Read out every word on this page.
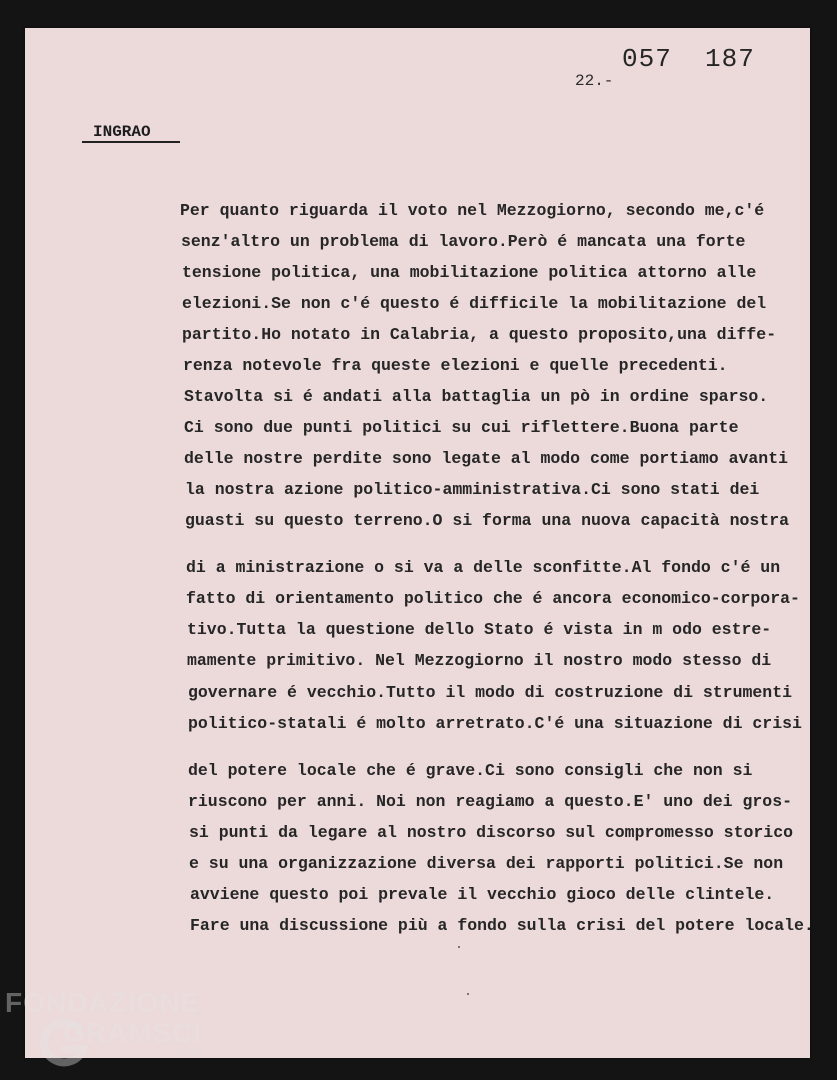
057  187
22.-
INGRAO
Per quanto riguarda il voto nel Mezzogiorno, secondo me,c'é
senz'altro un problema di lavoro.Però é mancata una forte
tensione politica, una mobilitazione politica attorno alle
elezioni.Se non c'é questo é difficile la mobilitazione del
partito.Ho notato in Calabria, a questo proposito,una diffe-
renza notevole fra queste elezioni e quelle precedenti.
Stavolta si é andati alla battaglia un pò in ordine sparso.
Ci sono due punti politici su cui riflettere.Buona parte
delle nostre perdite sono legate al modo come portiamo avanti
la nostra azione politico-amministrativa.Ci sono stati dei
guasti su questo terreno.O si forma una nuova capacità nostra
di a ministrazione o si va a delle sconfitte.Al fondo c'é un
fatto di orientamento politico che é ancora economico-corpora-
tivo.Tutta la questione dello Stato é vista in m odo estre-
mamente primitivo. Nel Mezzogiorno il nostro modo stesso di
governare é vecchio.Tutto il modo di costruzione di strumenti
politico-statali é molto arretrato.C'é una situazione di crisi
del potere locale che é grave.Ci sono consigli che non si
riuscono per anni. Noi non reagiamo a questo.E' uno dei gros-
si punti da legare al nostro discorso sul compromesso storico
e su una organizzazione diversa dei rapporti politici.Se non
avviene questo poi prevale il vecchio gioco delle clintele.
Fare una discussione più a fondo sulla crisi del potere locale.
FONDAZIONE
GRAMSCI
onlus
